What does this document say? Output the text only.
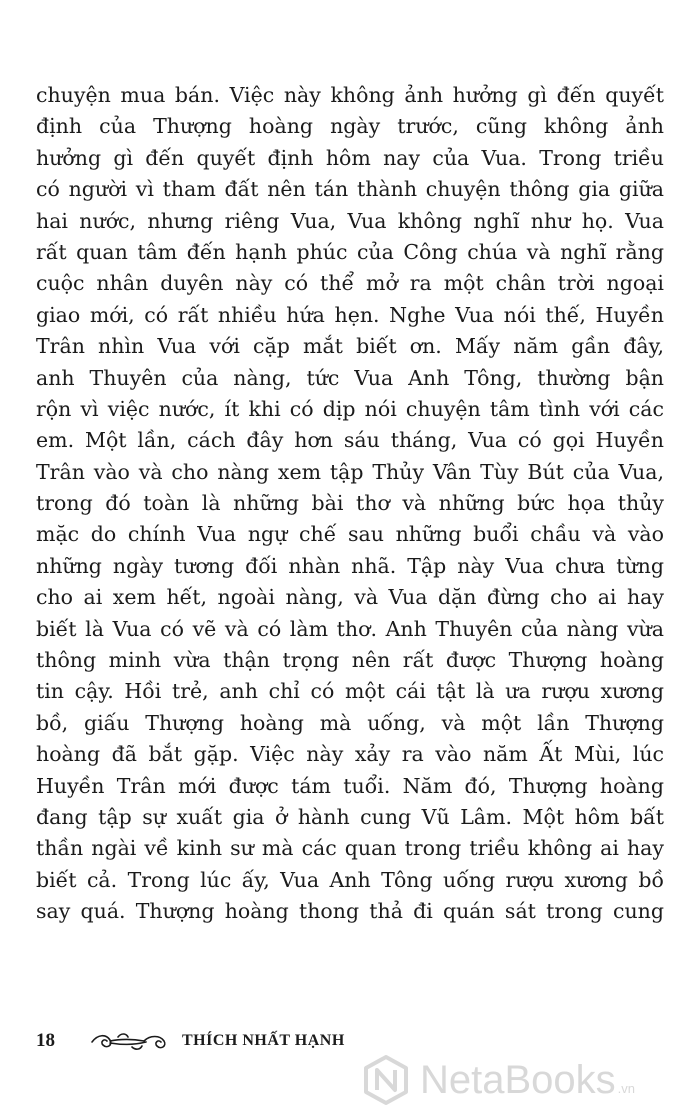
chuyện mua bán. Việc này không ảnh hưởng gì đến quyết
định của Thượng hoàng ngày trước, cũng không ảnh
hưởng gì đến quyết định hôm nay của Vua. Trong triều
có người vì tham đất nên tán thành chuyện thông gia giữa
hai nước, nhưng riêng Vua, Vua không nghĩ như họ. Vua
rất quan tâm đến hạnh phúc của Công chúa và nghĩ rằng
cuộc nhân duyên này có thể mở ra một chân trời ngoại
giao mới, có rất nhiều hứa hẹn. Nghe Vua nói thế, Huyền
Trân nhìn Vua với cặp mắt biết ơn. Mấy năm gần đây,
anh Thuyên của nàng, tức Vua Anh Tông, thường bận
rộn vì việc nước, ít khi có dịp nói chuyện tâm tình với các
em. Một lần, cách đây hơn sáu tháng, Vua có gọi Huyền
Trân vào và cho nàng xem tập Thủy Vân Tùy Bút của Vua,
trong đó toàn là những bài thơ và những bức họa thủy
mặc do chính Vua ngự chế sau những buổi chầu và vào
những ngày tương đối nhàn nhã. Tập này Vua chưa từng
cho ai xem hết, ngoài nàng, và Vua dặn đừng cho ai hay
biết là Vua có vẽ và có làm thơ. Anh Thuyên của nàng vừa
thông minh vừa thận trọng nên rất được Thượng hoàng
tin cậy. Hồi trẻ, anh chỉ có một cái tật là ưa rượu xương
bồ, giấu Thượng hoàng mà uống, và một lần Thượng
hoàng đã bắt gặp. Việc này xảy ra vào năm Ất Mùi, lúc
Huyền Trân mới được tám tuổi. Năm đó, Thượng hoàng
đang tập sự xuất gia ở hành cung Vũ Lâm. Một hôm bất
thần ngài về kinh sư mà các quan trong triều không ai hay
biết cả. Trong lúc ấy, Vua Anh Tông uống rượu xương bồ
say quá. Thượng hoàng thong thả đi quán sát trong cung
18	THÍCH NHẤT HẠNH
NetaBooks .vn
